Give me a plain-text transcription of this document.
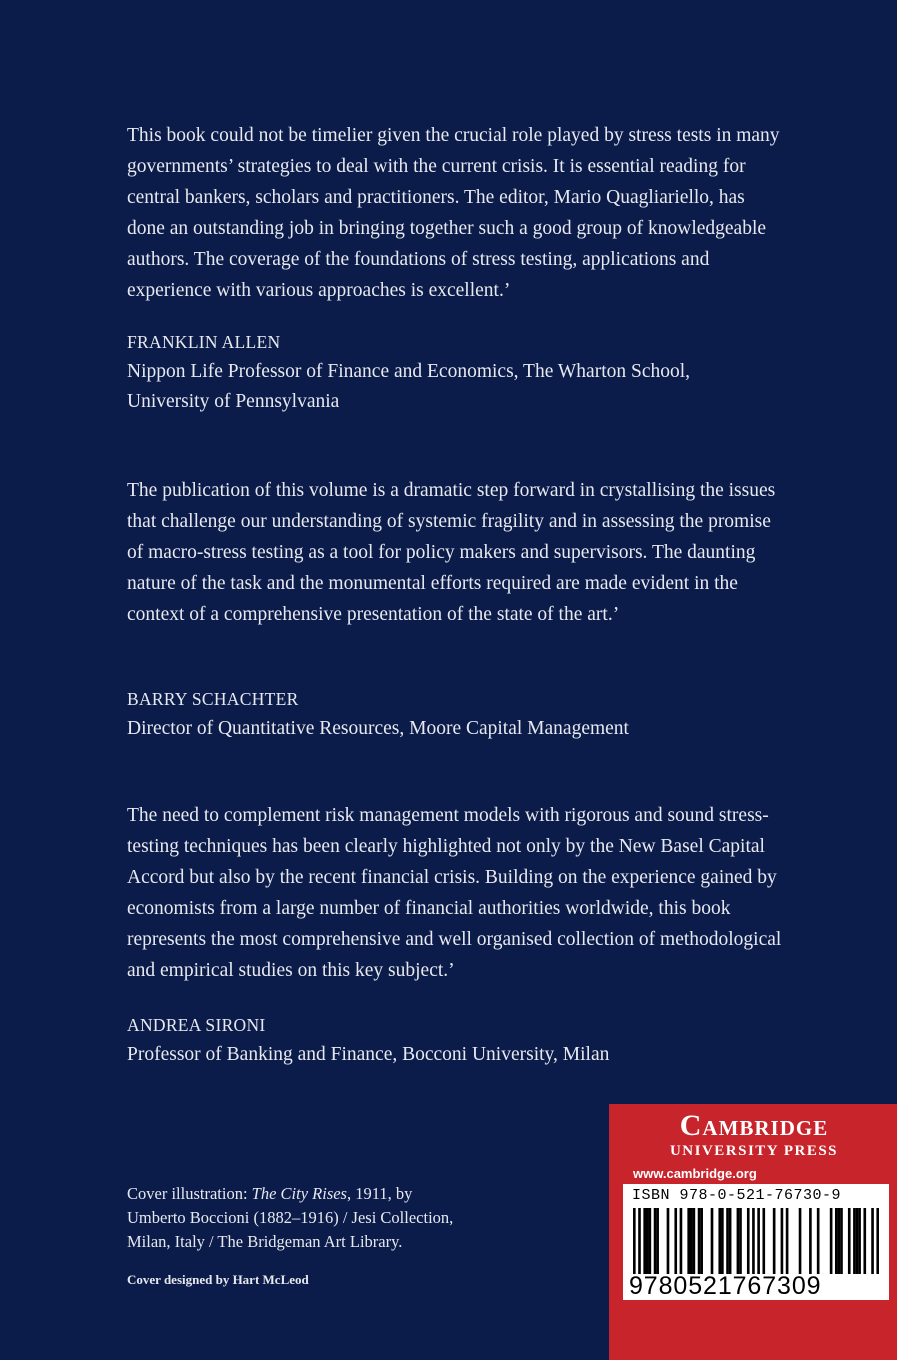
This book could not be timelier given the crucial role played by stress tests in many governments’ strategies to deal with the current crisis. It is essential reading for central bankers, scholars and practitioners. The editor, Mario Quagliariello, has done an outstanding job in bringing together such a good group of knowledgeable authors. The coverage of the foundations of stress testing, applications and experience with various approaches is excellent.’

FRANKLIN ALLEN

Nippon Life Professor of Finance and Economics, The Wharton School,

University of Pennsylvania

The publication of this volume is a dramatic step forward in crystallising the issues that challenge our understanding of systemic fragility and in assessing the promise of macro-stress testing as a tool for policy makers and supervisors. The daunting nature of the task and the monumental efforts required are made evident in the context of a comprehensive presentation of the state of the art.’

BARRY SCHACHTER

Director of Quantitative Resources, Moore Capital Management

The need to complement risk management models with rigorous and sound stress-testing techniques has been clearly highlighted not only by the New Basel Capital Accord but also by the recent financial crisis. Building on the experience gained by economists from a large number of financial authorities worldwide, this book represents the most comprehensive and well organised collection of methodological and empirical studies on this key subject.’

ANDREA SIRONI

Professor of Banking and Finance, Bocconi University, Milan

Cover illustration: The City Rises, 1911, by
Umberto Boccioni (1882–1916) / Jesi Collection,
Milan, Italy / The Bridgeman Art Library.
Cover designed by Hart McLeod
Cambridge
UNIVERSITY PRESS
www.cambridge.org
ISBN 978-0-521-76730-9
9780521767309
